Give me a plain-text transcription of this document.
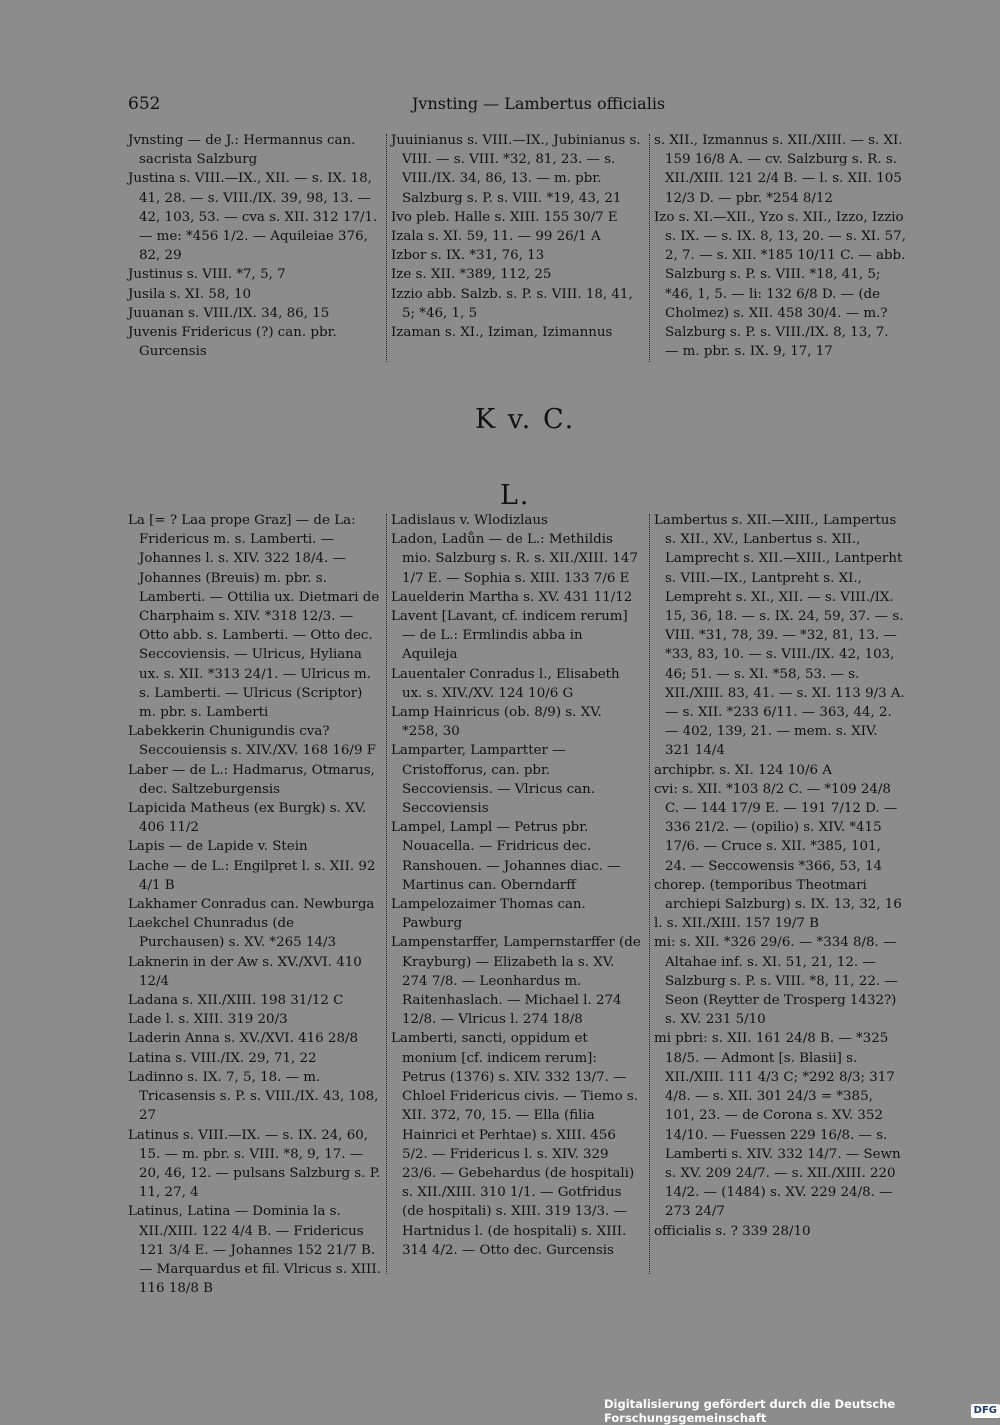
652	Jvnsting — Lambertus officialis

Jvnsting — de J.: Hermannus can. sacrista Salzburg

Justina s. VIII.—IX., XII. — s. IX. 18, 41, 28. — s. VIII./IX. 39, 98, 13. — 42, 103, 53. — cva s. XII. 312 17/1. — me: *456 1/2. — Aquileiae 376, 82, 29

Justinus s. VIII. *7, 5, 7

Jusila s. XI. 58, 10

Juuanan s. VIII./IX. 34, 86, 15

Juvenis Fridericus (?) can. pbr. Gurcensis

Juuinianus s. VIII.—IX., Jubinianus s. VIII. — s. VIII. *32, 81, 23. — s. VIII./IX. 34, 86, 13. — m. pbr. Salzburg s. P. s. VIII. *19, 43, 21

Ivo pleb. Halle s. XIII. 155 30/7 E

Izala s. XI. 59, 11. — 99 26/1 A

Izbor s. IX. *31, 76, 13

Ize s. XII. *389, 112, 25

Izzio abb. Salzb. s. P. s. VIII. 18, 41, 5; *46, 1, 5

Izaman s. XI., Iziman, Izimannus

s. XII., Izmannus s. XII./XIII. — s. XI. 159 16/8 A. — cv. Salzburg s. R. s. XII./XIII. 121 2/4 B. — l. s. XII. 105 12/3 D. — pbr. *254 8/12

Izo s. XI.—XII., Yzo s. XII., Izzo, Izzio s. IX. — s. IX. 8, 13, 20. — s. XI. 57, 2, 7. — s. XII. *185 10/11 C. — abb. Salzburg s. P. s. VIII. *18, 41, 5; *46, 1, 5. — li: 132 6/8 D. — (de Cholmez) s. XII. 458 30/4. — m.? Salzburg s. P. s. VIII./IX. 8, 13, 7. — m. pbr. s. IX. 9, 17, 17

K v. C.
L.

La [= ? Laa prope Graz] — de La: Fridericus m. s. Lamberti. — Johannes l. s. XIV. 322 18/4. — Johannes (Breuis) m. pbr. s. Lamberti. — Ottilia ux. Dietmari de Charphaim s. XIV. *318 12/3. — Otto abb. s. Lamberti. — Otto dec. Seccoviensis. — Ulricus, Hyliana ux. s. XII. *313 24/1. — Ulricus m. s. Lamberti. — Ulricus (Scriptor) m. pbr. s. Lamberti

Labekkerin Chunigundis cva? Seccouiensis s. XIV./XV. 168 16/9 F

Laber — de L.: Hadmarus, Otmarus, dec. Saltzeburgensis

Lapicida Matheus (ex Burgk) s. XV. 406 11/2

Lapis — de Lapide v. Stein

Lache — de L.: Engilpret l. s. XII. 92 4/1 B

Lakhamer Conradus can. Newburga

Laekchel Chunradus (de Purchausen) s. XV. *265 14/3

Laknerin in der Aw s. XV./XVI. 410 12/4

Ladana s. XII./XIII. 198 31/12 C

Lade l. s. XIII. 319 20/3

Laderin Anna s. XV./XVI. 416 28/8

Latina s. VIII./IX. 29, 71, 22

Ladinno s. IX. 7, 5, 18. — m. Tricasensis s. P. s. VIII./IX. 43, 108, 27

Latinus s. VIII.—IX. — s. IX. 24, 60, 15. — m. pbr. s. VIII. *8, 9, 17. — 20, 46, 12. — pulsans Salzburg s. P. 11, 27, 4

Latinus, Latina — Dominia la s. XII./XIII. 122 4/4 B. — Fridericus 121 3/4 E. — Johannes 152 21/7 B. — Marquardus et fil. Vlricus s. XIII. 116 18/8 B

Ladislaus v. Wlodizlaus

Ladon, Ladůn — de L.: Methildis mio. Salzburg s. R. s. XII./XIII. 147 1/7 E. — Sophia s. XIII. 133 7/6 E

Lauelderin Martha s. XV. 431 11/12

Lavent [Lavant, cf. indicem rerum] — de L.: Ermlindis abba in Aquileja

Lauentaler Conradus l., Elisabeth ux. s. XIV./XV. 124 10/6 G

Lamp Hainricus (ob. 8/9) s. XV. *258, 30

Lamparter, Lampartter — Cristofforus, can. pbr. Seccoviensis. — Vlricus can. Seccoviensis

Lampel, Lampl — Petrus pbr. Nouacella. — Fridricus dec. Ranshouen. — Johannes diac. — Martinus can. Oberndarff

Lampelozaimer Thomas can. Pawburg

Lampenstarffer, Lampernstarffer (de Krayburg) — Elizabeth la s. XV. 274 7/8. — Leonhardus m. Raitenhaslach. — Michael l. 274 12/8. — Vlricus l. 274 18/8

Lamberti, sancti, oppidum et monium [cf. indicem rerum]: Petrus (1376) s. XIV. 332 13/7. — Chloel Fridericus civis. — Tiemo s. XII. 372, 70, 15. — Ella (filia Hainrici et Perhtae) s. XIII. 456 5/2. — Fridericus l. s. XIV. 329 23/6. — Gebehardus (de hospitali) s. XII./XIII. 310 1/1. — Gotfridus (de hospitali) s. XIII. 319 13/3. — Hartnidus l. (de hospitali) s. XIII. 314 4/2. — Otto dec. Gurcensis

Lambertus s. XII.—XIII., Lampertus s. XII., XV., Lanbertus s. XII., Lamprecht s. XII.—XIII., Lantperht s. VIII.—IX., Lantpreht s. XI., Lempreht s. XI., XII. — s. VIII./IX. 15, 36, 18. — s. IX. 24, 59, 37. — s. VIII. *31, 78, 39. — *32, 81, 13. — *33, 83, 10. — s. VIII./IX. 42, 103, 46; 51. — s. XI. *58, 53. — s. XII./XIII. 83, 41. — s. XI. 113 9/3 A. — s. XII. *233 6/11. — 363, 44, 2. — 402, 139, 21. — mem. s. XIV. 321 14/4

archipbr. s. XI. 124 10/6 A

cvi: s. XII. *103 8/2 C. — *109 24/8 C. — 144 17/9 E. — 191 7/12 D. — 336 21/2. — (opilio) s. XIV. *415 17/6. — Cruce s. XII. *385, 101, 24. — Seccowensis *366, 53, 14

chorep. (temporibus Theotmari archiepi Salzburg) s. IX. 13, 32, 16

l. s. XII./XIII. 157 19/7 B

mi: s. XII. *326 29/6. — *334 8/8. — Altahae inf. s. XI. 51, 21, 12. — Salzburg s. P. s. VIII. *8, 11, 22. — Seon (Reytter de Trosperg 1432?) s. XV. 231 5/10

mi pbri: s. XII. 161 24/8 B. — *325 18/5. — Admont [s. Blasii] s. XII./XIII. 111 4/3 C; *292 8/3; 317 4/8. — s. XII. 301 24/3 = *385, 101, 23. — de Corona s. XV. 352 14/10. — Fuessen 229 16/8. — s. Lamberti s. XIV. 332 14/7. — Sewn s. XV. 209 24/7. — s. XII./XIII. 220 14/2. — (1484) s. XV. 229 24/8. — 273 24/7

officialis s. ? 339 28/10

Digitalisierung gefördert durch die Deutsche Forschungsgemeinschaft
DFG
